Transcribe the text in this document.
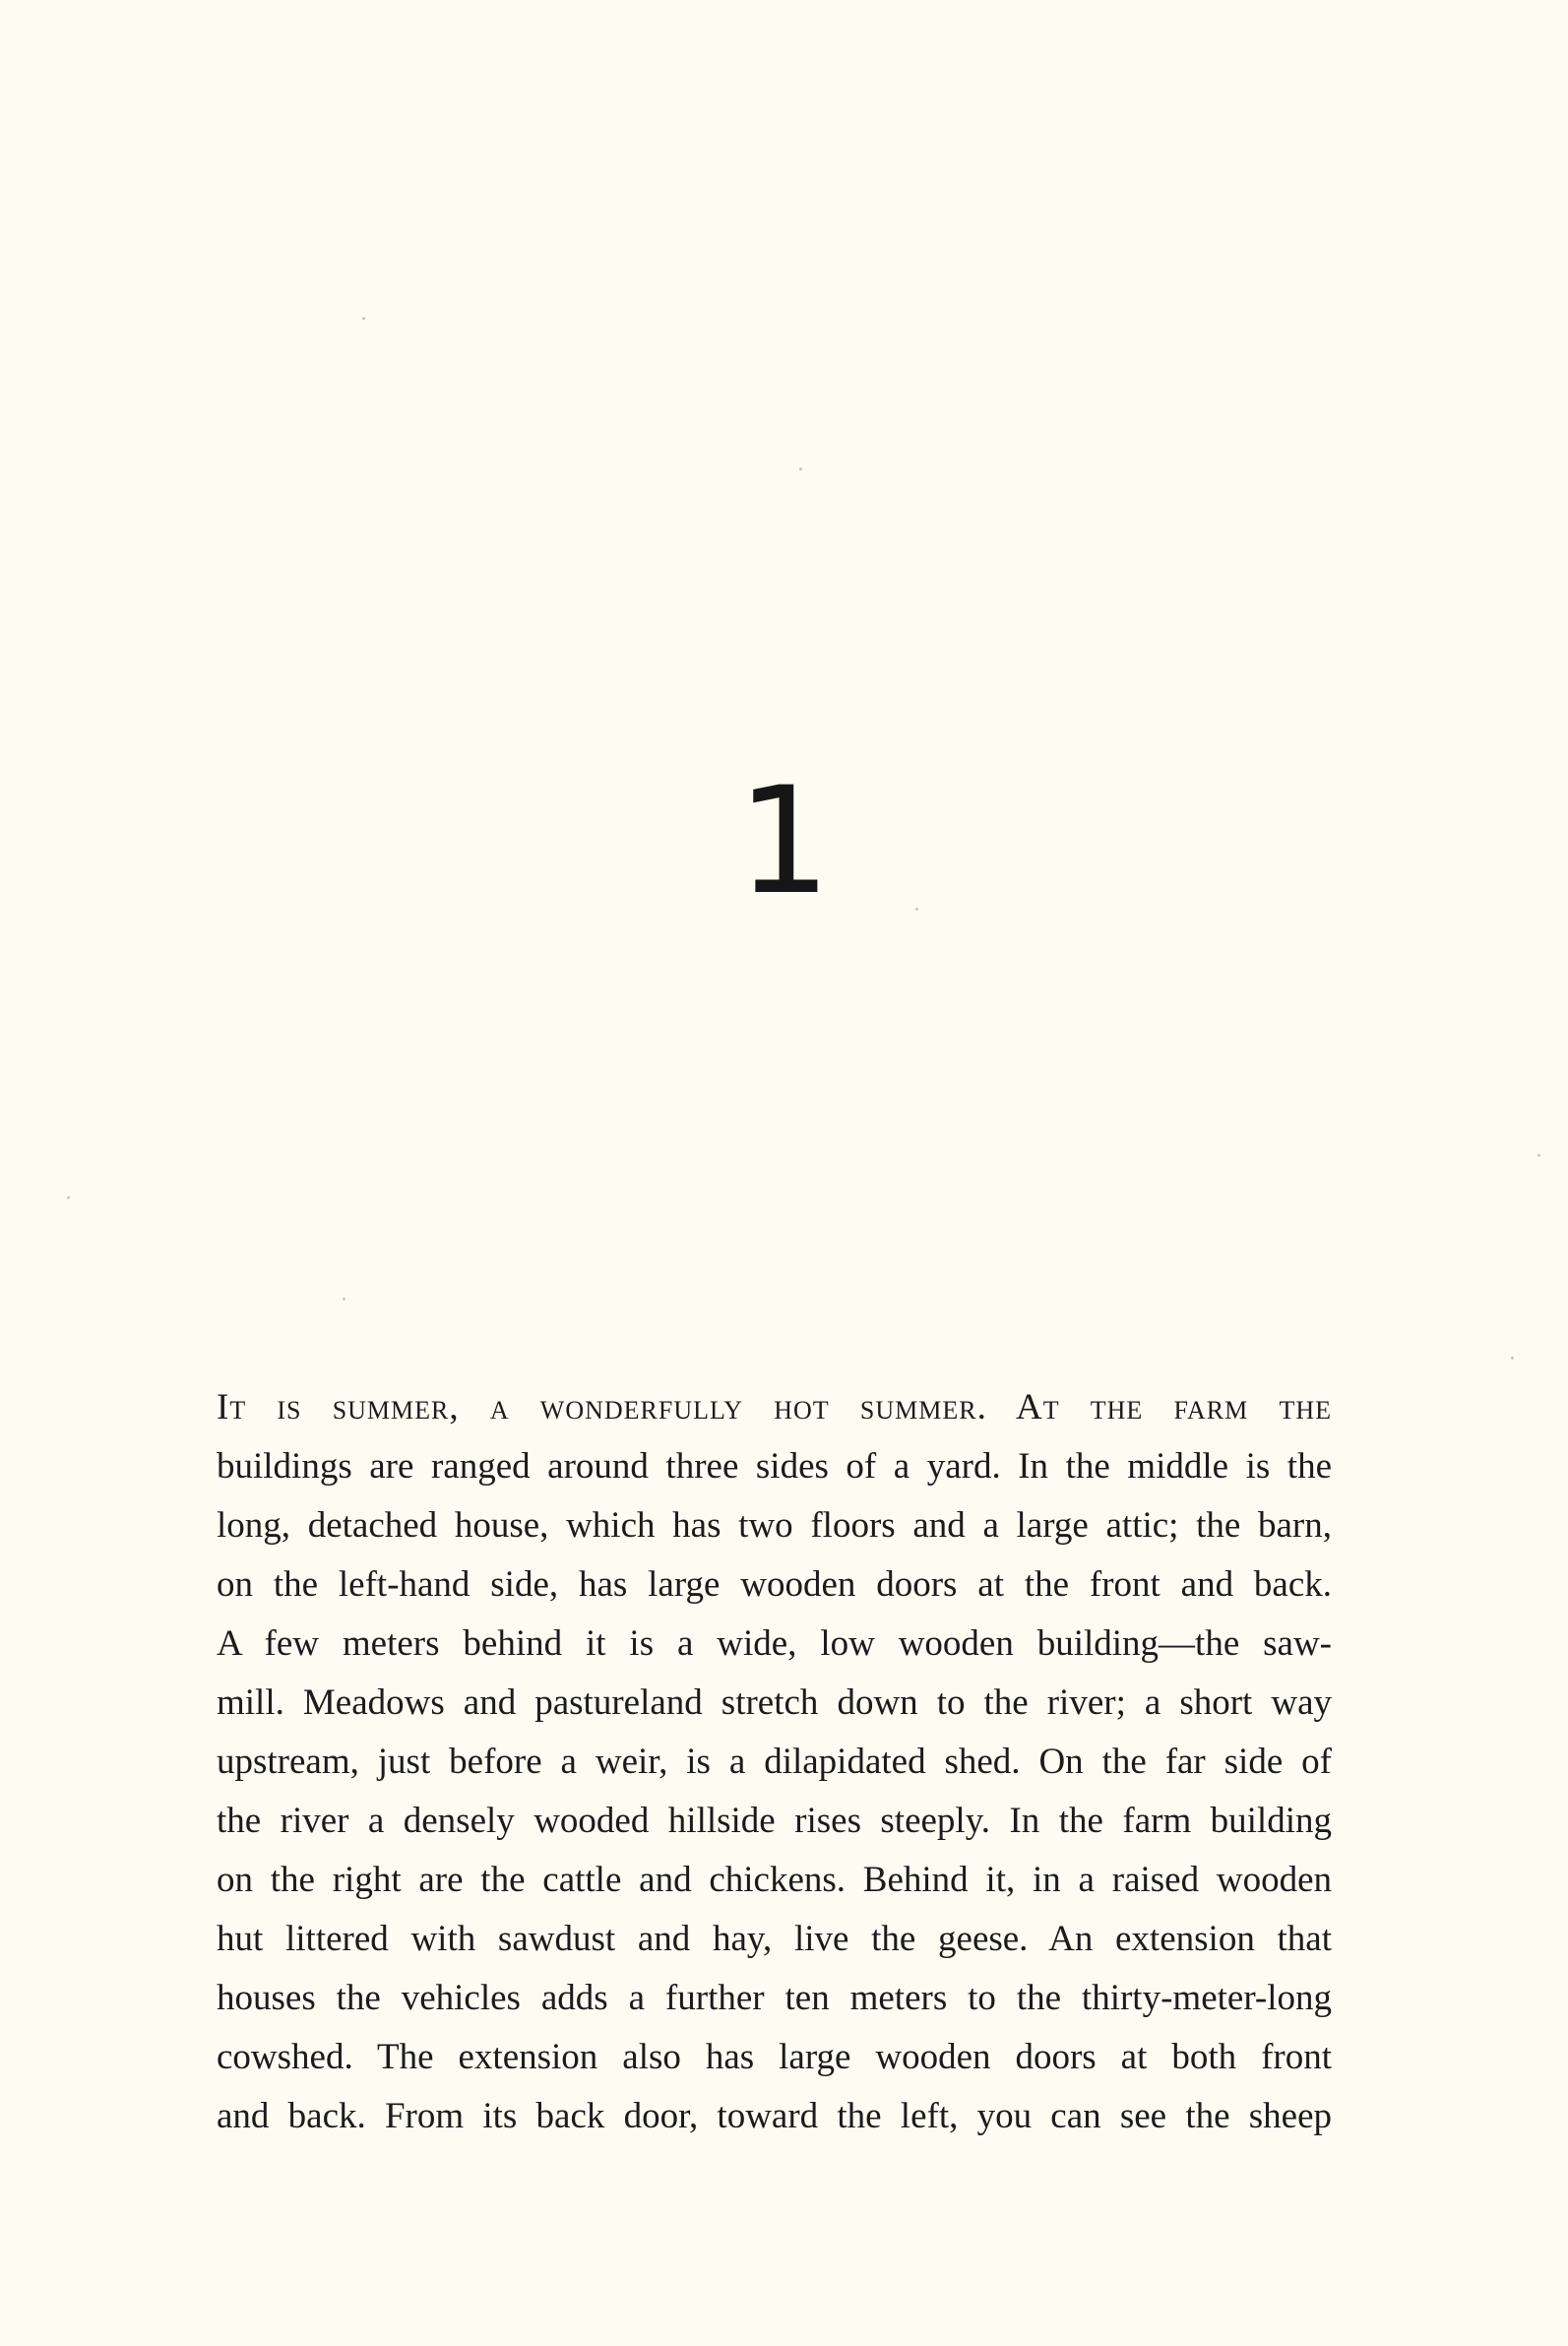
1
It is summer, a wonderfully hot summer. At the farm the
buildings are ranged around three sides of a yard. In the middle is the
long, detached house, which has two floors and a large attic; the barn,
on the left-hand side, has large wooden doors at the front and back.
A few meters behind it is a wide, low wooden building—the saw-
mill. Meadows and pastureland stretch down to the river; a short way
upstream, just before a weir, is a dilapidated shed. On the far side of
the river a densely wooded hillside rises steeply. In the farm building
on the right are the cattle and chickens. Behind it, in a raised wooden
hut littered with sawdust and hay, live the geese. An extension that
houses the vehicles adds a further ten meters to the thirty-meter-long
cowshed. The extension also has large wooden doors at both front
and back. From its back door, toward the left, you can see the sheep
